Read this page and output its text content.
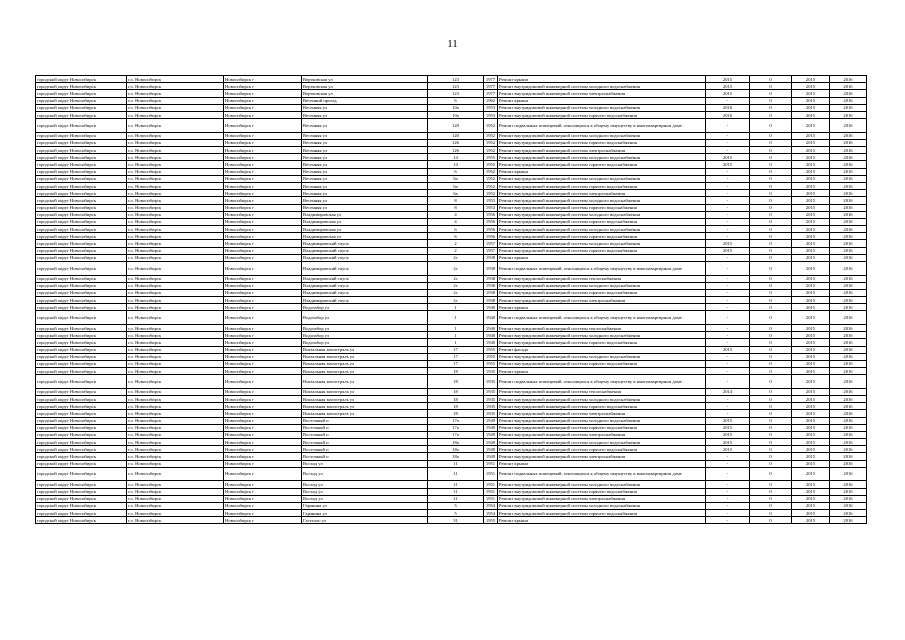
11
городской округ Новосибирск	г.о. Новосибирск	Новосибирск г	Вертковская ул	123	1977	Ремонт крыши	2015	0	2015	2016
городской округ Новосибирск	г.о. Новосибирск	Новосибирск г	Вертковская ул	123	1977	Ремонт внутридомовой инженерной системы холодного водоснабжения	2015	0	2015	2016
городской округ Новосибирск	г.о. Новосибирск	Новосибирск г	Вертковская ул	123	1977	Ремонт внутридомовой инженерной системы электроснабжения	2015	0	2015	2016
городской округ Новосибирск	г.о. Новосибирск	Новосибирск г	Весенний проезд	6	1962	Ремонт крыши	-	0	2015	2016
городской округ Новосибирск	г.о. Новосибирск	Новосибирск г	Весенняя ул	10а	1953	Ремонт внутридомовой инженерной системы холодного водоснабжения	2016	0	2015	2016
городской округ Новосибирск	г.о. Новосибирск	Новосибирск г	Весенняя ул	10а	1953	Ремонт внутридомовой инженерной системы горячего водоснабжения	2016	0	2015	2016
городской округ Новосибирск	г.о. Новосибирск	Новосибирск г	Весенняя ул	120	1952	Ремонт подвальных помещений, относящихся к общему имуществу в многоквартирном доме	-	0	2015	2016
городской округ Новосибирск	г.о. Новосибирск	Новосибирск г	Весенняя ул	120	1952	Ремонт внутридомовой инженерной системы холодного водоснабжения	-	0	2015	2016
городской округ Новосибирск	г.о. Новосибирск	Новосибирск г	Весенняя ул	126	1952	Ремонт внутридомовой инженерной системы горячего водоснабжения	-	0	2015	2016
городской округ Новосибирск	г.о. Новосибирск	Новосибирск г	Весенняя ул	126	1952	Ремонт внутридомовой инженерной системы электроснабжения	-	0	2015	2016
городской округ Новосибирск	г.о. Новосибирск	Новосибирск г	Весенняя ул	14	1955	Ремонт внутридомовой инженерной системы холодного водоснабжения	2015	0	2015	2016
городской округ Новосибирск	г.о. Новосибирск	Новосибирск г	Весенняя ул	14	1955	Ремонт внутридомовой инженерной системы горячего водоснабжения	2015	0	2015	2016
городской округ Новосибирск	г.о. Новосибирск	Новосибирск г	Весенняя ул	6	1952	Ремонт крыши	-	0	2015	2016
городской округ Новосибирск	г.о. Новосибирск	Новосибирск г	Весенняя ул	6а	1952	Ремонт внутридомовой инженерной системы холодного водоснабжения	-	0	2015	2016
городской округ Новосибирск	г.о. Новосибирск	Новосибирск г	Весенняя ул	6а	1952	Ремонт внутридомовой инженерной системы горячего водоснабжения	-	0	2015	2016
городской округ Новосибирск	г.о. Новосибирск	Новосибирск г	Весенняя ул	6а	1952	Ремонт внутридомовой инженерной системы электроснабжения	-	0	2015	2016
городской округ Новосибирск	г.о. Новосибирск	Новосибирск г	Весенняя ул	8	1953	Ремонт внутридомовой инженерной системы холодного водоснабжения	-	0	2015	2016
городской округ Новосибирск	г.о. Новосибирск	Новосибирск г	Весенняя ул	8	1953	Ремонт внутридомовой инженерной системы горячего водоснабжения	-	0	2015	2016
городской округ Новосибирск	г.о. Новосибирск	Новосибирск г	Владимировская ул	4	1956	Ремонт внутридомовой инженерной системы холодного водоснабжения	-	0	2015	2016
городской округ Новосибирск	г.о. Новосибирск	Новосибирск г	Владимировская ул	4	1956	Ремонт внутридомовой инженерной системы горячего водоснабжения	-	0	2015	2016
городской округ Новосибирск	г.о. Новосибирск	Новосибирск г	Владимировская ул	6	1956	Ремонт внутридомовой инженерной системы холодного водоснабжения	-	0	2015	2016
городской округ Новосибирск	г.о. Новосибирск	Новосибирск г	Владимировская ул	6	1956	Ремонт внутридомовой инженерной системы горячего водоснабжения	-	0	2015	2016
городской округ Новосибирск	г.о. Новосибирск	Новосибирск г	Владимировский спуск	2	1957	Ремонт внутридомовой инженерной системы холодного водоснабжения	2015	0	2015	2016
городской округ Новосибирск	г.о. Новосибирск	Новосибирск г	Владимировский спуск	2	1957	Ремонт внутридомовой инженерной системы горячего водоснабжения	2015	0	2015	2016
городской округ Новосибирск	г.о. Новосибирск	Новосибирск г	Владимировский спуск	2г	1938	Ремонт крыши	-	0	2015	2016
городской округ Новосибирск	г.о. Новосибирск	Новосибирск г	Владимировский спуск	2г	1938	Ремонт подвальных помещений, относящихся к общему имуществу в многоквартирном доме	-	0	2015	2016
городской округ Новосибирск	г.о. Новосибирск	Новосибирск г	Владимировский спуск	2г	1938	Ремонт внутридомовой инженерной системы теплоснабжения	-	0	2015	2016
городской округ Новосибирск	г.о. Новосибирск	Новосибирск г	Владимировский спуск	2г	1938	Ремонт внутридомовой инженерной системы холодного водоснабжения	-	0	2015	2016
городской округ Новосибирск	г.о. Новосибирск	Новосибирск г	Владимировский спуск	2г	1938	Ремонт внутридомовой инженерной системы горячего водоснабжения	-	0	2015	2016
городской округ Новосибирск	г.о. Новосибирск	Новосибирск г	Владимировский спуск	2г	1938	Ремонт внутридомовой инженерной системы электроснабжения	-	0	2015	2016
городской округ Новосибирск	г.о. Новосибирск	Новосибирск г	Водозабор ул	1	1940	Ремонт крыши	-	0	2015	2016
городской округ Новосибирск	г.о. Новосибирск	Новосибирск г	Водозабор ул	1	1940	Ремонт подвальных помещений, относящихся к общему имуществу в многоквартирном доме	-	0	2015	2016
городской округ Новосибирск	г.о. Новосибирск	Новосибирск г	Водозабор ул	1	1940	Ремонт внутридомовой инженерной системы теплоснабжения	-	0	2015	2016
городской округ Новосибирск	г.о. Новосибирск	Новосибирск г	Водозабор ул	1	1940	Ремонт внутридомовой инженерной системы холодного водоснабжения	-	0	2015	2016
городской округ Новосибирск	г.о. Новосибирск	Новосибирск г	Водозабор ул	1	1940	Ремонт внутридомовой инженерной системы горячего водоснабжения	-	0	2015	2016
городской округ Новосибирск	г.о. Новосибирск	Новосибирск г	Вокзальная магистраль ул	17	1955	Ремонт фасада	2015	0	2015	2016
городской округ Новосибирск	г.о. Новосибирск	Новосибирск г	Вокзальная магистраль ул	17	1955	Ремонт внутридомовой инженерной системы холодного водоснабжения	-	0	2015	2016
городской округ Новосибирск	г.о. Новосибирск	Новосибирск г	Вокзальная магистраль ул	17	1955	Ремонт внутридомовой инженерной системы горячего водоснабжения	-	0	2015	2016
городской округ Новосибирск	г.о. Новосибирск	Новосибирск г	Вокзальная магистраль ул	18	1935	Ремонт крыши	-	0	2015	2016
городской округ Новосибирск	г.о. Новосибирск	Новосибирск г	Вокзальная магистраль ул	18	1935	Ремонт подвальных помещений, относящихся к общему имуществу в многоквартирном доме	-	0	2015	2016
городской округ Новосибирск	г.о. Новосибирск	Новосибирск г	Вокзальная магистраль ул	18	1935	Ремонт внутридомовой инженерной системы теплоснабжения	2014	0	2015	2016
городской округ Новосибирск	г.о. Новосибирск	Новосибирск г	Вокзальная магистраль ул	18	1935	Ремонт внутридомовой инженерной системы холодного водоснабжения	-	0	2015	2016
городской округ Новосибирск	г.о. Новосибирск	Новосибирск г	Вокзальная магистраль ул	18	1935	Ремонт внутридомовой инженерной системы горячего водоснабжения	-	0	2015	2016
городской округ Новосибирск	г.о. Новосибирск	Новосибирск г	Вокзальная магистраль ул	18	1935	Ремонт внутридомовой инженерной системы электроснабжения	-	0	2015	2016
городской округ Новосибирск	г.о. Новосибирск	Новосибирск г	Восточный п	17а	1949	Ремонт внутридомовой инженерной системы холодного водоснабжения	2015	0	2015	2016
городской округ Новосибирск	г.о. Новосибирск	Новосибирск г	Восточный п	17а	1949	Ремонт внутридомовой инженерной системы горячего водоснабжения	2015	0	2015	2016
городской округ Новосибирск	г.о. Новосибирск	Новосибирск г	Восточный п	17а	1949	Ремонт внутридомовой инженерной системы электроснабжения	2015	0	2015	2016
городской округ Новосибирск	г.о. Новосибирск	Новосибирск г	Восточный п	18а	1949	Ремонт внутридомовой инженерной системы холодного водоснабжения	2015	0	2015	2016
городской округ Новосибирск	г.о. Новосибирск	Новосибирск г	Восточный п	18а	1949	Ремонт внутридомовой инженерной системы горячего водоснабжения	2015	0	2015	2016
городской округ Новосибирск	г.о. Новосибирск	Новосибирск г	Восточный п	18а	1949	Ремонт внутридомовой инженерной системы электроснабжения	-	0	2015	2016
городской округ Новосибирск	г.о. Новосибирск	Новосибирск г	Восход ул	11	1951	Ремонт крыши	-	0	2015	2016
городской округ Новосибирск	г.о. Новосибирск	Новосибирск г	Восход ул	11	1951	Ремонт подвальных помещений, относящихся к общему имуществу в многоквартирном доме	-	0	2015	2016
городской округ Новосибирск	г.о. Новосибирск	Новосибирск г	Восход ул	11	1951	Ремонт внутридомовой инженерной системы холодного водоснабжения	-	0	2015	2016
городской округ Новосибирск	г.о. Новосибирск	Новосибирск г	Восход ул	11	1951	Ремонт внутридомовой инженерной системы горячего водоснабжения	-	0	2015	2016
городской округ Новосибирск	г.о. Новосибирск	Новосибирск г	Восход ул	11	1951	Ремонт внутридомовой инженерной системы электроснабжения	-	0	2015	2016
городской округ Новосибирск	г.о. Новосибирск	Новосибирск г	Гаранина ул	5	1954	Ремонт внутридомовой инженерной системы холодного водоснабжения	-	0	2015	2016
городской округ Новосибирск	г.о. Новосибирск	Новосибирск г	Гаранина ул	5	1954	Ремонт внутридомовой инженерной системы горячего водоснабжения	-	0	2015	2016
городской округ Новосибирск	г.о. Новосибирск	Новосибирск г	Гастелло ул	31	1955	Ремонт крыши	-	0	2015	2016
